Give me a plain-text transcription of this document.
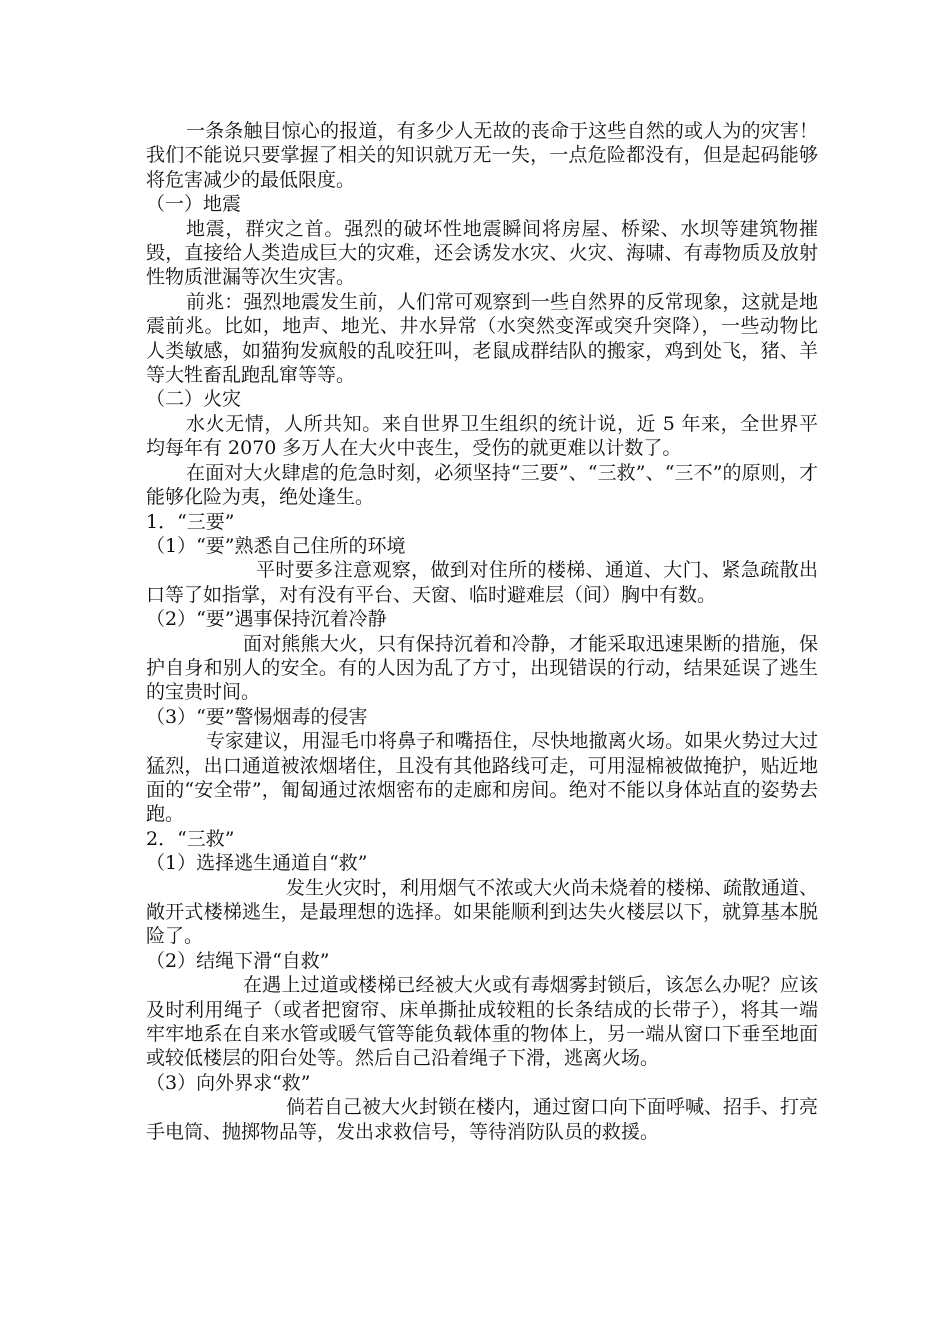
一条条触目惊心的报道，有多少人无故的丧命于这些自然的或人为的灾害！我们不能说只要掌握了相关的知识就万无一失，一点危险都没有，但是起码能够将危害减少的最低限度。

（一）地震

地震，群灾之首。强烈的破坏性地震瞬间将房屋、桥梁、水坝等建筑物摧毁，直接给人类造成巨大的灾难，还会诱发水灾、火灾、海啸、有毒物质及放射性物质泄漏等次生灾害。

前兆：强烈地震发生前，人们常可观察到一些自然界的反常现象，这就是地震前兆。比如，地声、地光、井水异常（水突然变浑或突升突降），一些动物比人类敏感，如猫狗发疯般的乱咬狂叫，老鼠成群结队的搬家，鸡到处飞，猪、羊等大牲畜乱跑乱窜等等。

（二）火灾

水火无情，人所共知。来自世界卫生组织的统计说，近 5 年来，全世界平均每年有 2070 多万人在大火中丧生，受伤的就更难以计数了。

在面对大火肆虐的危急时刻，必须坚持“三要”、“三救”、“三不”的原则，才能够化险为夷，绝处逢生。

1．“三要”

（1）“要”熟悉自己住所的环境

平时要多注意观察，做到对住所的楼梯、通道、大门、紧急疏散出口等了如指掌，对有没有平台、天窗、临时避难层（间）胸中有数。

（2）“要”遇事保持沉着冷静

面对熊熊大火，只有保持沉着和冷静，才能采取迅速果断的措施，保护自身和别人的安全。有的人因为乱了方寸，出现错误的行动，结果延误了逃生的宝贵时间。

（3）“要”警惕烟毒的侵害

专家建议，用湿毛巾将鼻子和嘴捂住，尽快地撤离火场。如果火势过大过猛烈，出口通道被浓烟堵住，且没有其他路线可走，可用湿棉被做掩护，贴近地面的“安全带”，匍匐通过浓烟密布的走廊和房间。绝对不能以身体站直的姿势去跑。

2．“三救”

（1）选择逃生通道自“救”

发生火灾时，利用烟气不浓或大火尚未烧着的楼梯、疏散通道、敞开式楼梯逃生，是最理想的选择。如果能顺利到达失火楼层以下，就算基本脱险了。

（2）结绳下滑“自救”

在遇上过道或楼梯已经被大火或有毒烟雾封锁后，该怎么办呢？应该及时利用绳子（或者把窗帘、床单撕扯成较粗的长条结成的长带子），将其一端牢牢地系在自来水管或暖气管等能负载体重的物体上，另一端从窗口下垂至地面或较低楼层的阳台处等。然后自己沿着绳子下滑，逃离火场。

（3）向外界求“救”

倘若自己被大火封锁在楼内，通过窗口向下面呼喊、招手、打亮手电筒、抛掷物品等，发出求救信号，等待消防队员的救援。
